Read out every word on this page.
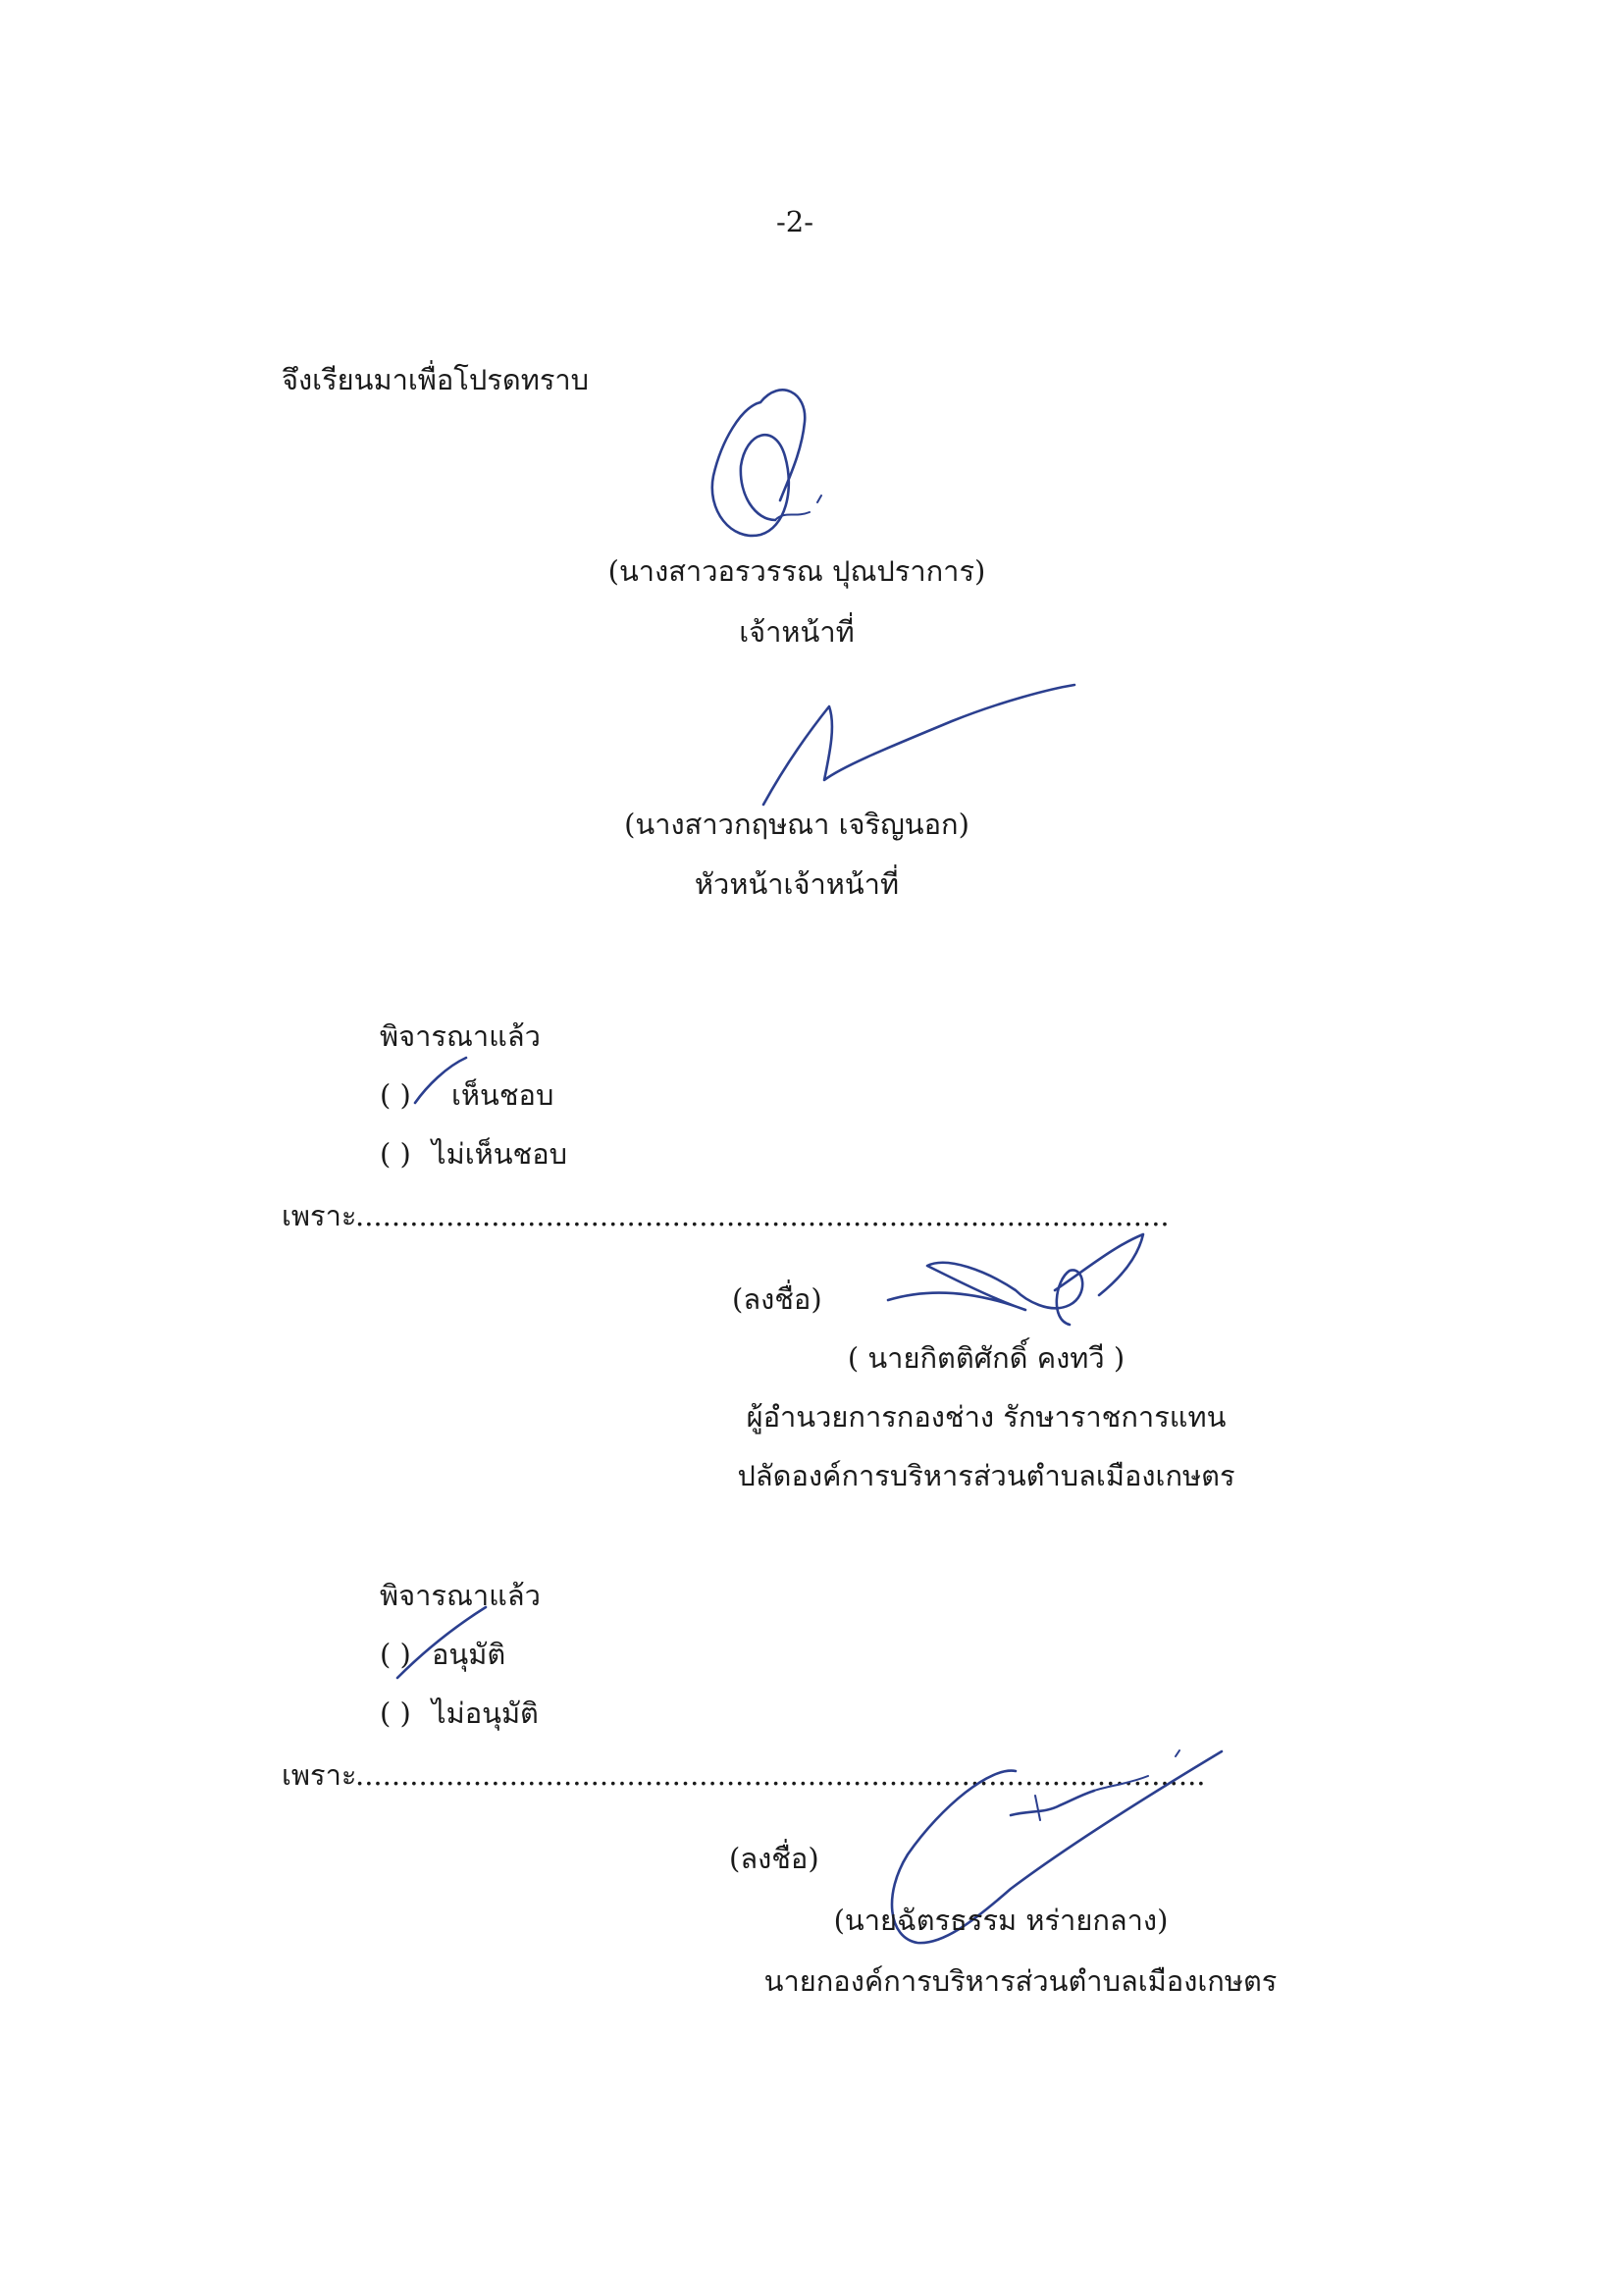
-2-
จึงเรียนมาเพื่อโปรดทราบ
(นางสาวอรวรรณ ปุณปราการ)
เจ้าหน้าที่
(นางสาวกฤษณา เจริญนอก)
หัวหน้าเจ้าหน้าที่
พิจารณาแล้ว
( ) เห็นชอบ
( ) ไม่เห็นชอบ
เพราะ
..........................................................................................
(ลงชื่อ)
( นายกิตติศักดิ์ คงทวี )
ผู้อำนวยการกองช่าง รักษาราชการแทน
ปลัดองค์การบริหารส่วนตำบลเมืองเกษตร
พิจารณาแล้ว
( ) อนุมัติ
( ) ไม่อนุมัติ
เพราะ
..............................................................................................
(ลงชื่อ)
(นายฉัตรธรรม หร่ายกลาง)
นายกองค์การบริหารส่วนตำบลเมืองเกษตร
